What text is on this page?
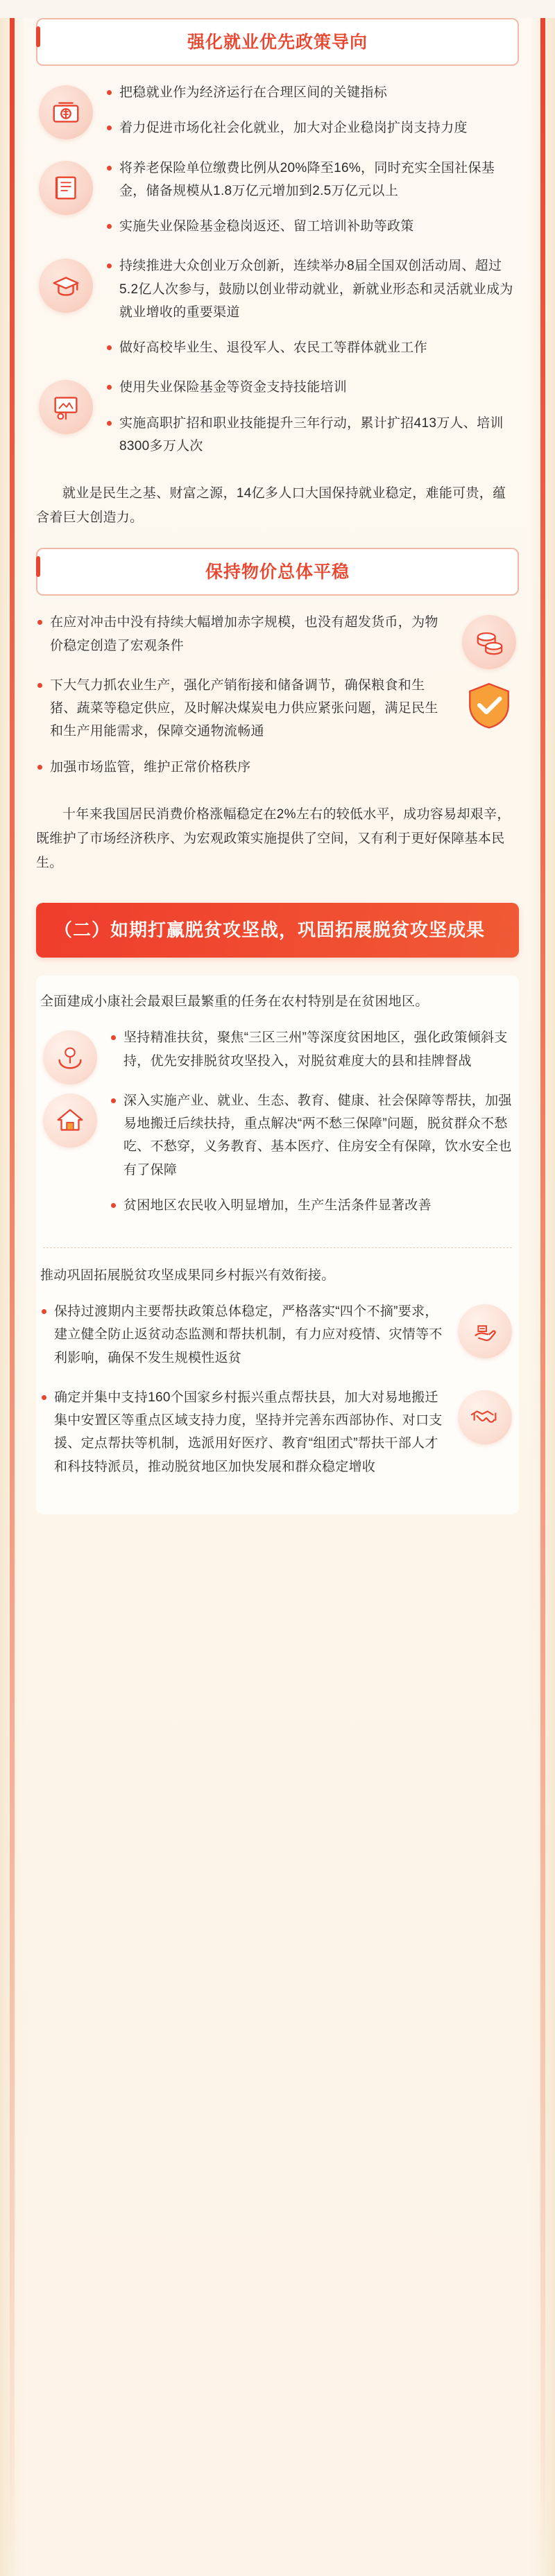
强化就业优先政策导向
把稳就业作为经济运行在合理区间的关键指标
着力促进市场化社会化就业，加大对企业稳岗扩岗支持力度
将养老保险单位缴费比例从20%降至16%，同时充实全国社保基金，储备规模从1.8万亿元增加到2.5万亿元以上
实施失业保险基金稳岗返还、留工培训补助等政策
持续推进大众创业万众创新，连续举办8届全国双创活动周、超过5.2亿人次参与，鼓励以创业带动就业，新就业形态和灵活就业成为就业增收的重要渠道
做好高校毕业生、退役军人、农民工等群体就业工作
使用失业保险基金等资金支持技能培训
实施高职扩招和职业技能提升三年行动，累计扩招413万人、培训8300多万人次

就业是民生之基、财富之源，14亿多人口大国保持就业稳定，难能可贵，蕴含着巨大创造力。

保持物价总体平稳
在应对冲击中没有持续大幅增加赤字规模，也没有超发货币，为物价稳定创造了宏观条件
下大气力抓农业生产，强化产销衔接和储备调节，确保粮食和生猪、蔬菜等稳定供应，及时解决煤炭电力供应紧张问题，满足民生和生产用能需求，保障交通物流畅通
加强市场监管，维护正常价格秩序

十年来我国居民消费价格涨幅稳定在2%左右的较低水平，成功容易却艰辛，既维护了市场经济秩序、为宏观政策实施提供了空间，又有利于更好保障基本民生。

（二）如期打赢脱贫攻坚战，巩固拓展脱贫攻坚成果

全面建成小康社会最艰巨最繁重的任务在农村特别是在贫困地区。

坚持精准扶贫，聚焦“三区三州”等深度贫困地区，强化政策倾斜支持，优先安排脱贫攻坚投入，对脱贫难度大的县和挂牌督战
深入实施产业、就业、生态、教育、健康、社会保障等帮扶，加强易地搬迁后续扶持，重点解决“两不愁三保障”问题，脱贫群众不愁吃、不愁穿，义务教育、基本医疗、住房安全有保障，饮水安全也有了保障
贫困地区农民收入明显增加，生产生活条件显著改善

推动巩固拓展脱贫攻坚成果同乡村振兴有效衔接。

保持过渡期内主要帮扶政策总体稳定，严格落实“四个不摘”要求，建立健全防止返贫动态监测和帮扶机制，有力应对疫情、灾情等不利影响，确保不发生规模性返贫
确定并集中支持160个国家乡村振兴重点帮扶县，加大对易地搬迁集中安置区等重点区域支持力度，坚持并完善东西部协作、对口支援、定点帮扶等机制，选派用好医疗、教育“组团式”帮扶干部人才和科技特派员，推动脱贫地区加快发展和群众稳定增收
